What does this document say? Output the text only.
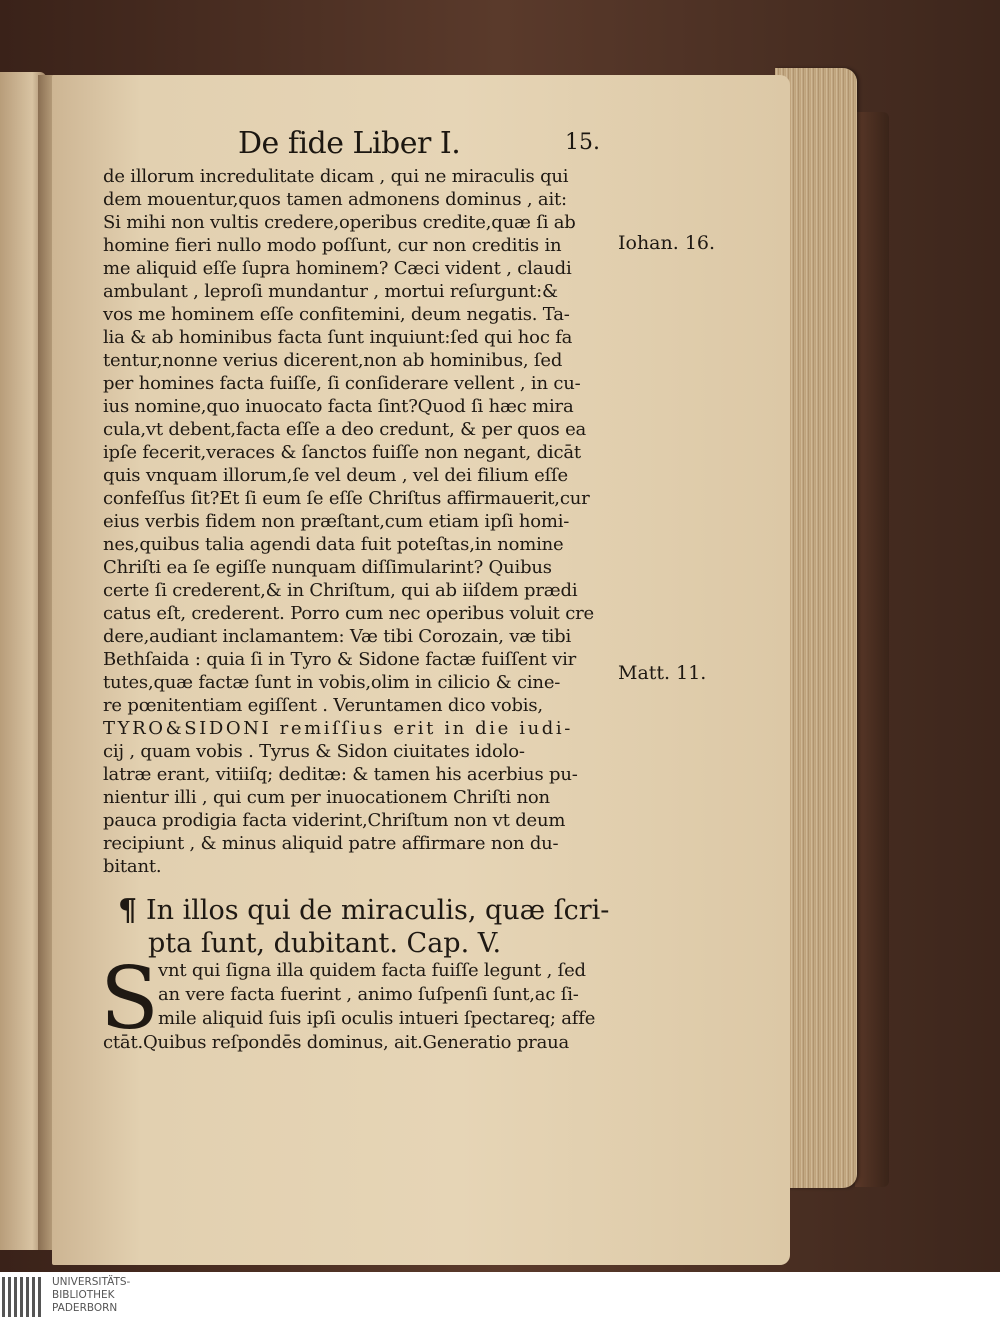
De fide Liber I.	15.
de illorum incredulitate dicam , qui ne miraculis qui
dem mouentur,quos tamen admonens dominus , ait:
Si mihi non vultis credere,operibus credite,quæ ſi ab
homine fieri nullo modo poſſunt, cur non creditis in
me aliquid eſſe ſupra hominem? Cæci vident , claudi
ambulant , leproſi mundantur , mortui reſurgunt:&
vos me hominem eſſe confitemini, deum negatis. Ta-
lia & ab hominibus facta ſunt inquiunt:ſed qui hoc fa
tentur,nonne verius dicerent,non ab hominibus, ſed
per homines facta fuiſſe, ſi conſiderare vellent , in cu-
ius nomine,quo inuocato facta ſint?Quod ſi hæc mira
cula,vt debent,facta eſſe a deo credunt, & per quos ea
ipſe fecerit,veraces & ſanctos fuiſſe non negant, dicāt
quis vnquam illorum,ſe vel deum , vel dei filium eſſe
confeſſus ſit?Et ſi eum ſe eſſe Chriſtus affirmauerit,cur
eius verbis fidem non præſtant,cum etiam ipſi homi-
nes,quibus talia agendi data fuit poteſtas,in nomine
Chriſti ea ſe egiſſe nunquam diſſimularint? Quibus
certe ſi crederent,& in Chriſtum, qui ab iiſdem prædi
catus eſt, crederent. Porro cum nec operibus voluit cre
dere,audiant inclamantem: Væ tibi Corozain, væ tibi
Bethſaida : quia ſi in Tyro & Sidone factæ fuiſſent vir
tutes,quæ factæ ſunt in vobis,olim in cilicio & cine-
re pœnitentiam egiſſent . Veruntamen dico vobis,
TYRO&SIDONI remiſſius erit in die iudi-
cij , quam vobis . Tyrus & Sidon ciuitates idolo-
latræ erant, vitiiſq; deditæ: & tamen his acerbius pu-
nientur illi , qui cum per inuocationem Chriſti non
pauca prodigia facta viderint,Chriſtum non vt deum
recipiunt , & minus aliquid patre affirmare non du-
bitant.
Iohan. 16.
Matt. 11.
¶ In illos qui de miraculis, quæ ſcri-
pta ſunt, dubitant. Cap. V.
S vnt qui ſigna illa quidem facta fuiſſe legunt , ſed
an vere facta fuerint , animo ſuſpenſi ſunt,ac ſi-
mile aliquid ſuis ipſi oculis intueri ſpectareq; affe
ctāt.Quibus reſpondēs dominus, ait.Generatio praua
UNIVERSITÄTS-
BIBLIOTHEK
PADERBORN
